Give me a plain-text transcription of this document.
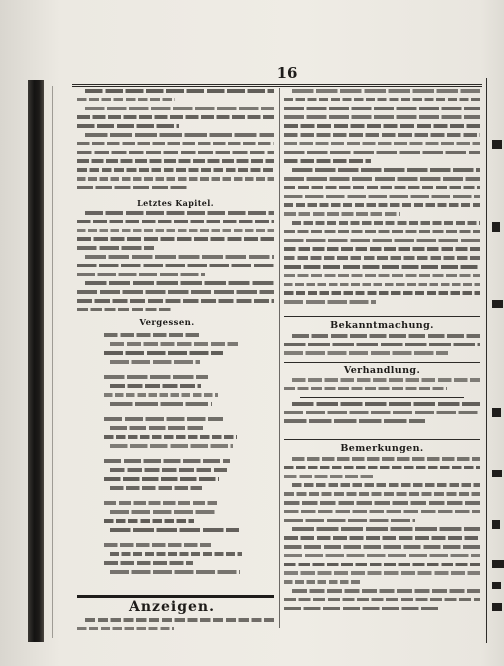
16
Letztes Kapitel.
Vergessen.
Anzeigen.
Bekanntmachung.
Verhandlung.
Bemerkungen.
